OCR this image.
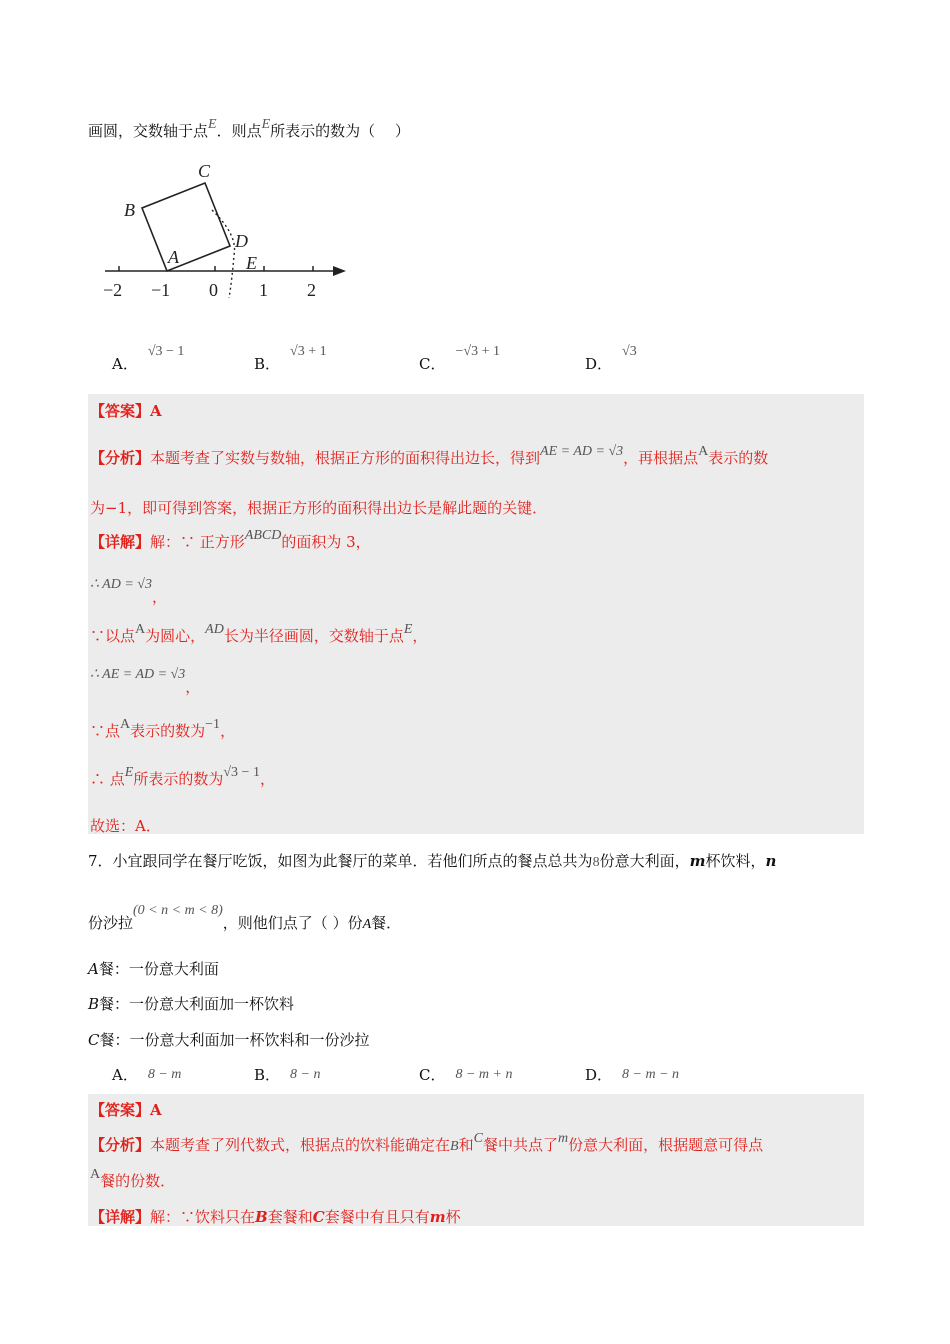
画圆，交数轴于点E．则点E所表示的数为（　 ）
C
B
D
A	E
−2 −1 0 1 2
A．√3 − 1
B．√3 + 1
C．−√3 + 1
D．√3
【答案】A
【分析】本题考查了实数与数轴，根据正方形的面积得出边长，得到AE = AD = √3，再根据点A表示的数
为−1，即可得到答案，根据正方形的面积得出边长是解此题的关键．
【详解】解：∵ 正方形ABCD的面积为 3，
∴ AD = √3，
∵以点A为圆心，AD长为半径画圆，交数轴于点E，
∴ AE = AD = √3，
∵点A表示的数为−1，
∴ 点E所表示的数为√3 − 1，
故选：A．
7．小宜跟同学在餐厅吃饭，如图为此餐厅的菜单．若他们所点的餐点总共为8份意大利面，m杯饮料，n
份沙拉(0 < n < m < 8)，则他们点了（ ）份A餐．
A餐：一份意大利面
B餐：一份意大利面加一杯饮料
C餐：一份意大利面加一杯饮料和一份沙拉
A． 8 − m	B． 8 − n	C． 8 − m + n	D． 8 − m − n
【答案】A
【分析】本题考查了列代数式，根据点的饮料能确定在B和C餐中共点了m份意大利面，根据题意可得点
A餐的份数．
【详解】解：∵饮料只在B套餐和C套餐中有且只有m杯
